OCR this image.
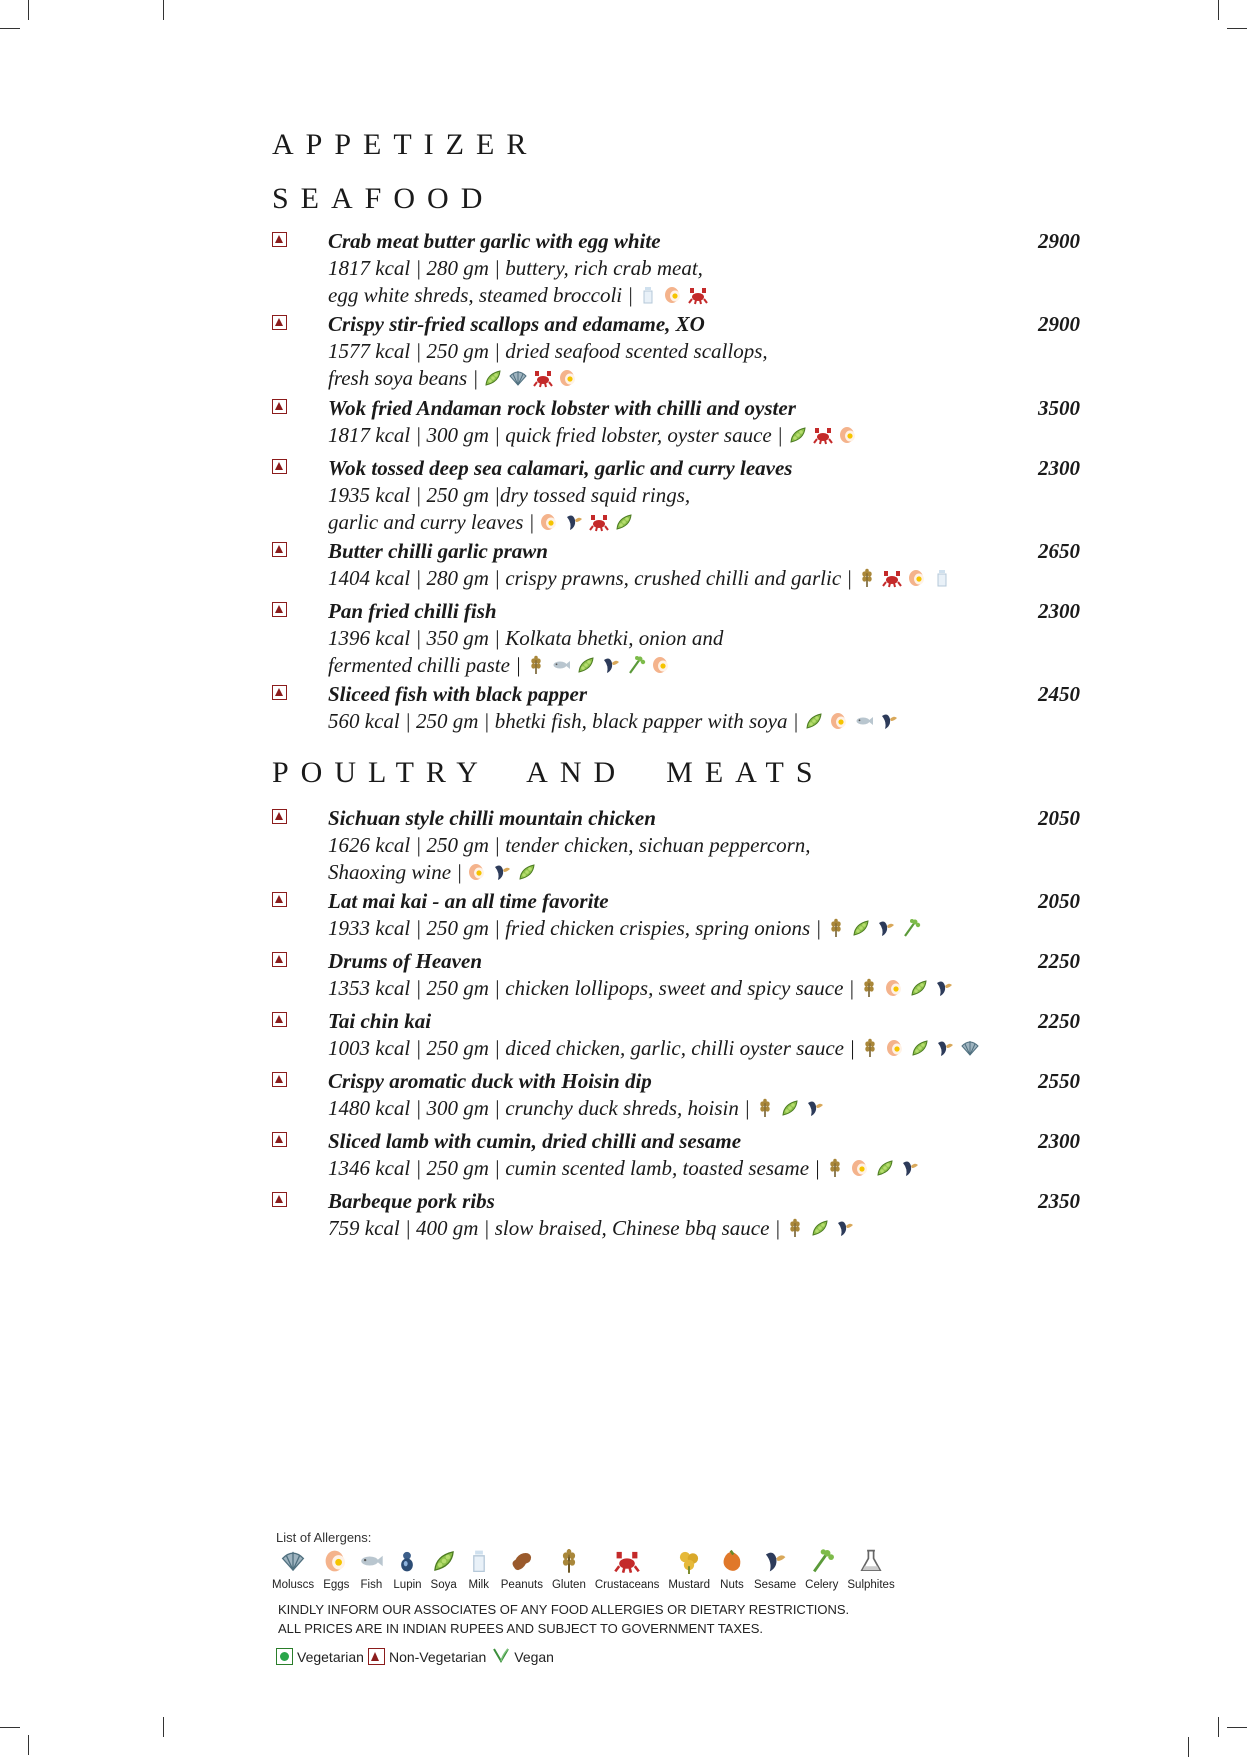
APPETIZER
SEAFOOD
Crab meat butter garlic with egg white	2900
1817 kcal | 280 gm | buttery, rich crab meat,
egg white shreds, steamed broccoli |
Crispy stir-fried scallops and edamame, XO	2900
1577 kcal | 250 gm | dried seafood scented scallops,
fresh soya beans |
Wok fried Andaman rock lobster with chilli and oyster	3500
1817 kcal | 300 gm | quick fried lobster, oyster sauce |
Wok tossed deep sea calamari, garlic and curry leaves	2300
1935 kcal | 250 gm |dry tossed squid rings,
garlic and curry leaves |
Butter chilli garlic prawn	2650
1404 kcal | 280 gm | crispy prawns, crushed chilli and garlic |
Pan fried chilli fish	2300
1396 kcal | 350 gm | Kolkata bhetki, onion and
fermented chilli paste |
Sliceed fish with black papper	2450
560 kcal | 250 gm | bhetki fish, black papper with soya |
POULTRY  AND  MEATS
Sichuan style chilli mountain chicken	2050
1626 kcal | 250 gm | tender chicken, sichuan peppercorn,
Shaoxing wine |
Lat mai kai - an all time favorite	2050
1933 kcal | 250 gm | fried chicken crispies, spring onions |
Drums of Heaven	2250
1353 kcal | 250 gm | chicken lollipops, sweet and spicy sauce |
Tai chin kai	2250
1003 kcal | 250 gm | diced chicken, garlic, chilli oyster sauce |
Crispy aromatic duck with Hoisin dip	2550
1480 kcal | 300 gm | crunchy duck shreds, hoisin |
Sliced lamb with cumin, dried chilli and sesame	2300
1346 kcal | 250 gm | cumin scented lamb, toasted sesame |
Barbeque pork ribs	2350
759 kcal | 400 gm | slow braised, Chinese bbq sauce |
List of Allergens:
Moluscs Eggs Fish Lupin Soya Milk Peanuts Gluten Crustaceans Mustard Nuts Sesame Celery Sulphites
KINDLY INFORM OUR ASSOCIATES OF ANY FOOD ALLERGIES OR DIETARY RESTRICTIONS.
ALL PRICES ARE IN INDIAN RUPEES AND SUBJECT TO GOVERNMENT TAXES.
Vegetarian Non-Vegetarian Vegan
